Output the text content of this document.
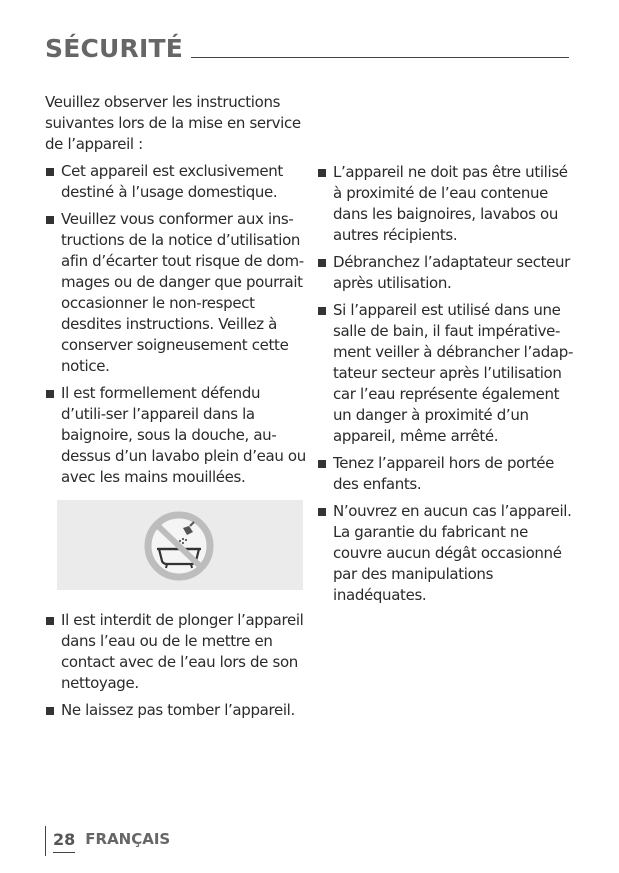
SÉCURITÉ

Veuillez observer les instructions suivantes lors de la mise en service de l’appareil :

Cet appareil est exclusivement destiné à l’usage domestique.
Veuillez vous conformer aux ins-tructions de la notice d’utilisation afin d’écarter tout risque de dom-mages ou de danger que pourrait occasionner le non-respect desdites instructions. Veillez à conserver soigneusement cette notice.
Il est formellement défendu d’utili-ser l’appareil dans la baignoire, sous la douche, au-dessus d’un lavabo plein d’eau ou avec les mains mouillées.
Il est interdit de plonger l’appareil dans l’eau ou de le mettre en contact avec de l’eau lors de son nettoyage.
Ne laissez pas tomber l’appareil.
L’appareil ne doit pas être utilisé à proximité de l’eau contenue dans les baignoires, lavabos ou autres récipients.
Débranchez l’adaptateur secteur après utilisation.
Si l’appareil est utilisé dans une salle de bain, il faut impérative-ment veiller à débrancher l’adap-tateur secteur après l’utilisation car l’eau représente également un danger à proximité d’un appareil, même arrêté.
Tenez l’appareil hors de portée des enfants.
N’ouvrez en aucun cas l’appareil. La garantie du fabricant ne couvre aucun dégât occasionné par des manipulations inadéquates.
28 FRANÇAIS
